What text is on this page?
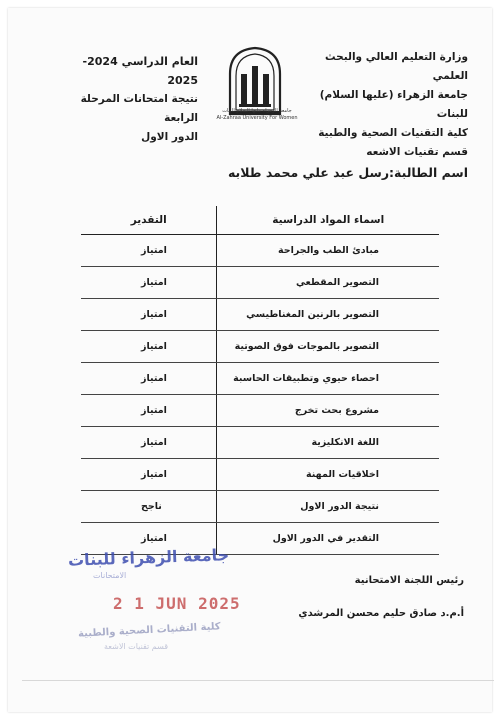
وزارة التعليم العالي والبحث العلمي
جامعة الزهراء (عليها السلام) للبنات
كلية التقنيات الصحية والطبية
قسم تقنيات الاشعه
جامعة الزهراء عليها السلام للبنات
Al-Zahraa University For Women
العام الدراسي 2024-2025
نتيجة امتحانات المرحلة الرابعة
الدور الاول
اسم الطالبة:رسل عبد علي محمد طلابه
اسماء المواد الدراسية	التقدير
مبادئ الطب والجراحة	امتياز
التصوير المقطعي	امتياز
التصوير بالرنين المغناطيسي	امتياز
التصوير بالموجات فوق الصوتية	امتياز
احصاء حيوي وتطبيقات الحاسبة	امتياز
مشروع بحث تخرج	امتياز
اللغة الانكليزية	امتياز
اخلاقيات المهنة	امتياز
نتيجة الدور الاول	ناجح
التقدير في الدور الاول	امتياز
جامعة الزهراء للبنات
الامتحانات
2 1 JUN 2025
كلية التقنيات الصحية والطبية
قسم تقنيات الاشعة
رئيس اللجنة الامتحانية
أ.م.د صادق حليم محسن المرشدي
